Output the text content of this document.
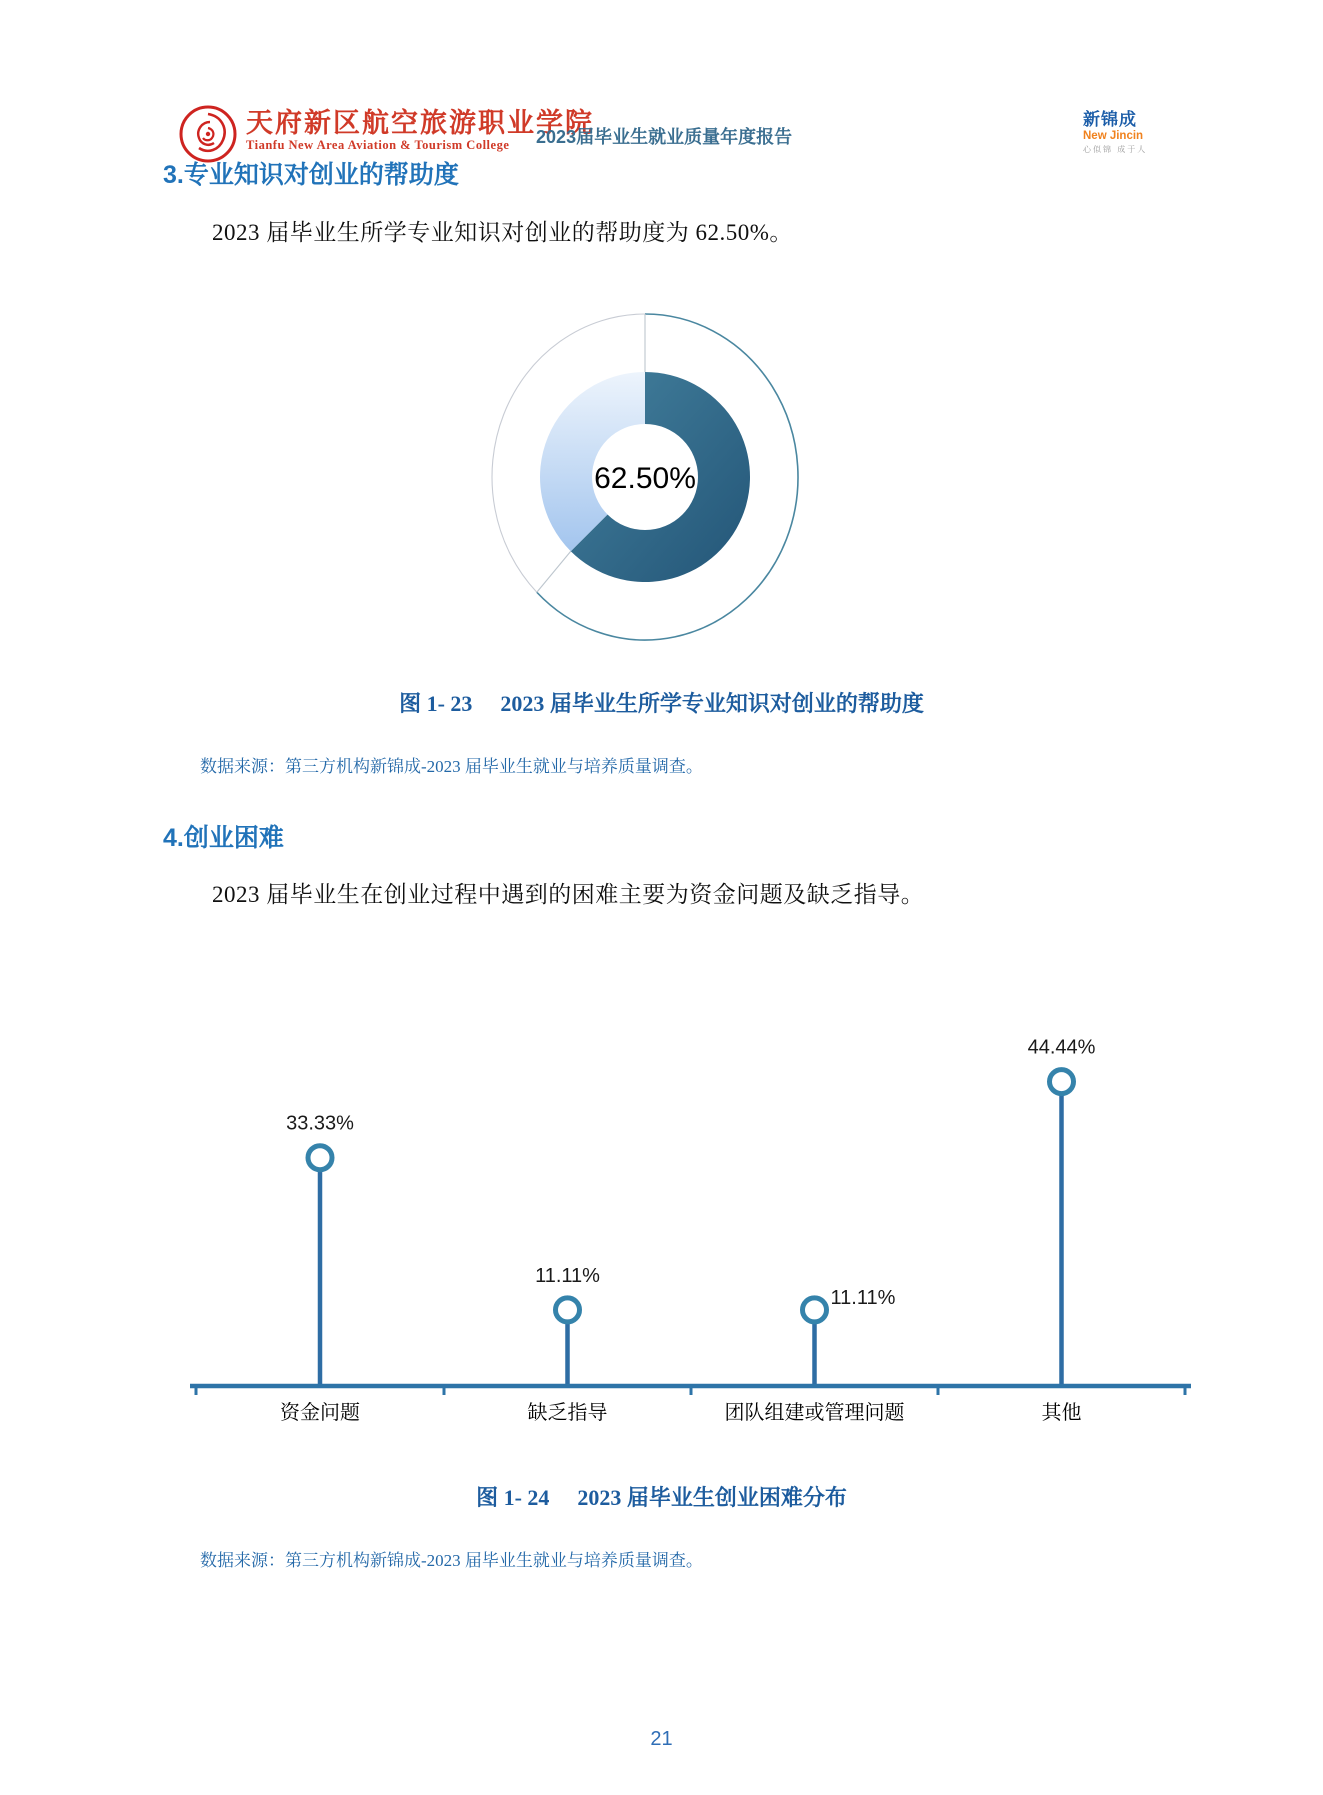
天府新区航空旅游职业学院
Tianfu New Area Aviation & Tourism College	2023届毕业生就业质量年度报告
新锦成
New Jincin
心似锦 成于人
3.专业知识对创业的帮助度
2023 届毕业生所学专业知识对创业的帮助度为 62.50%。
62.50%
图 1- 23 2023 届毕业生所学专业知识对创业的帮助度
数据来源：第三方机构新锦成-2023 届毕业生就业与培养质量调查。
4.创业困难
2023 届毕业生在创业过程中遇到的困难主要为资金问题及缺乏指导。
33.33%
资金问题
11.11%
缺乏指导
11.11%
团队组建或管理问题
44.44%
其他
图 1- 24 2023 届毕业生创业困难分布
数据来源：第三方机构新锦成-2023 届毕业生就业与培养质量调查。
21
